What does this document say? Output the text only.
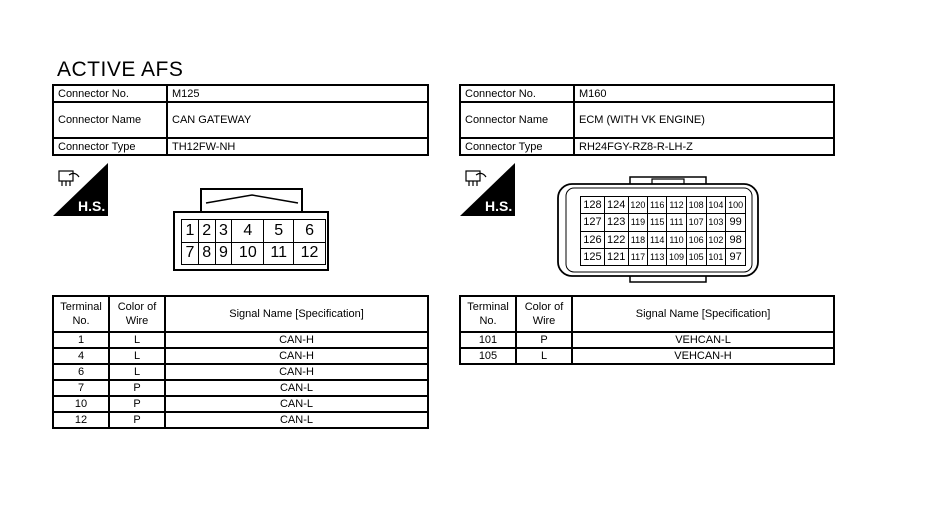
ACTIVE AFS
Connector No.	M125
Connector Name	CAN GATEWAY
Connector Type	TH12FW-NH
Connector No.	M160
Connector Name	ECM (WITH VK ENGINE)
Connector Type	RH24FGY-RZ8-R-LH-Z
H.S.	H.S.
1	2	3	4	5	6
7	8	9	10	11	12
128	124	120	116	112	108	104	100
127	123	119	115	111	107	103	99
126	122	118	114	110	106	102	98
125	121	117	113	109	105	101	97
Terminal No.	Color of Wire	Signal Name [Specification]
1	L	CAN-H
4	L	CAN-H
6	L	CAN-H
7	P	CAN-L
10	P	CAN-L
12	P	CAN-L
Terminal No.	Color of Wire	Signal Name [Specification]
101	P	VEHCAN-L
105	L	VEHCAN-H
